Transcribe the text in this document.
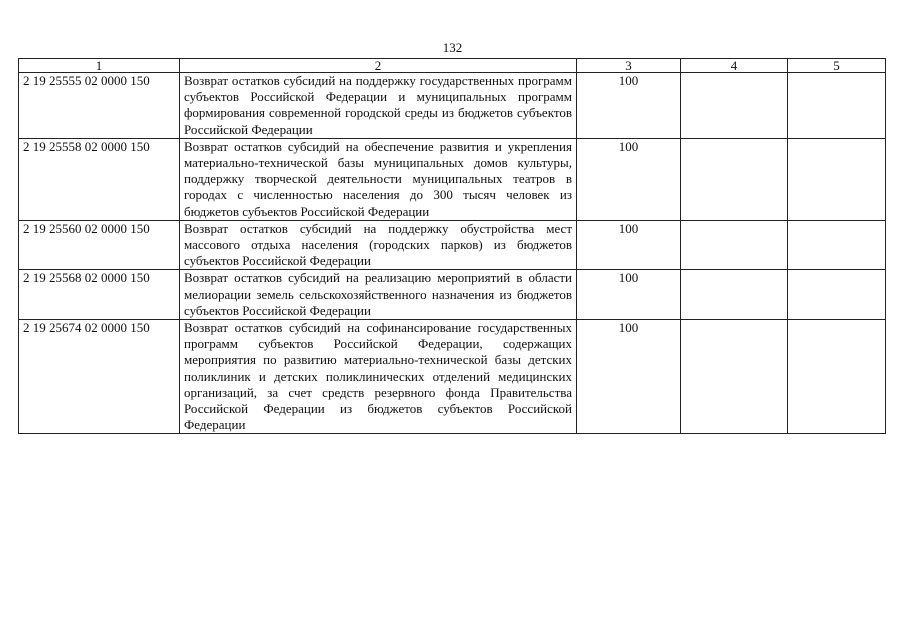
132
1	2	3	4	5
2 19 25555 02 0000 150	Возврат остатков субсидий на поддержку государственных программ субъектов Российской Федерации и муниципальных программ формирования современной городской среды из бюджетов субъектов Российской Федерации	100		
2 19 25558 02 0000 150	Возврат остатков субсидий на обеспечение развития и укрепления материально-технической базы муниципальных домов культуры, поддержку творческой деятельности муниципальных театров в городах с численностью населения до 300 тысяч человек из бюджетов субъектов Российской Федерации	100		
2 19 25560 02 0000 150	Возврат остатков субсидий на поддержку обустройства мест массового отдыха населения (городских парков) из бюджетов субъектов Российской Федерации	100		
2 19 25568 02 0000 150	Возврат остатков субсидий на реализацию мероприятий в области мелиорации земель сельскохозяйственного назначения из бюджетов субъектов Российской Федерации	100		
2 19 25674 02 0000 150	Возврат остатков субсидий на софинансирование государственных программ субъектов Российской Федерации, содержащих мероприятия по развитию материально-технической базы детских поликлиник и детских поликлинических отделений медицинских организаций, за счет средств резервного фонда Правительства Российской Федерации из бюджетов субъектов Российской Федерации	100		
